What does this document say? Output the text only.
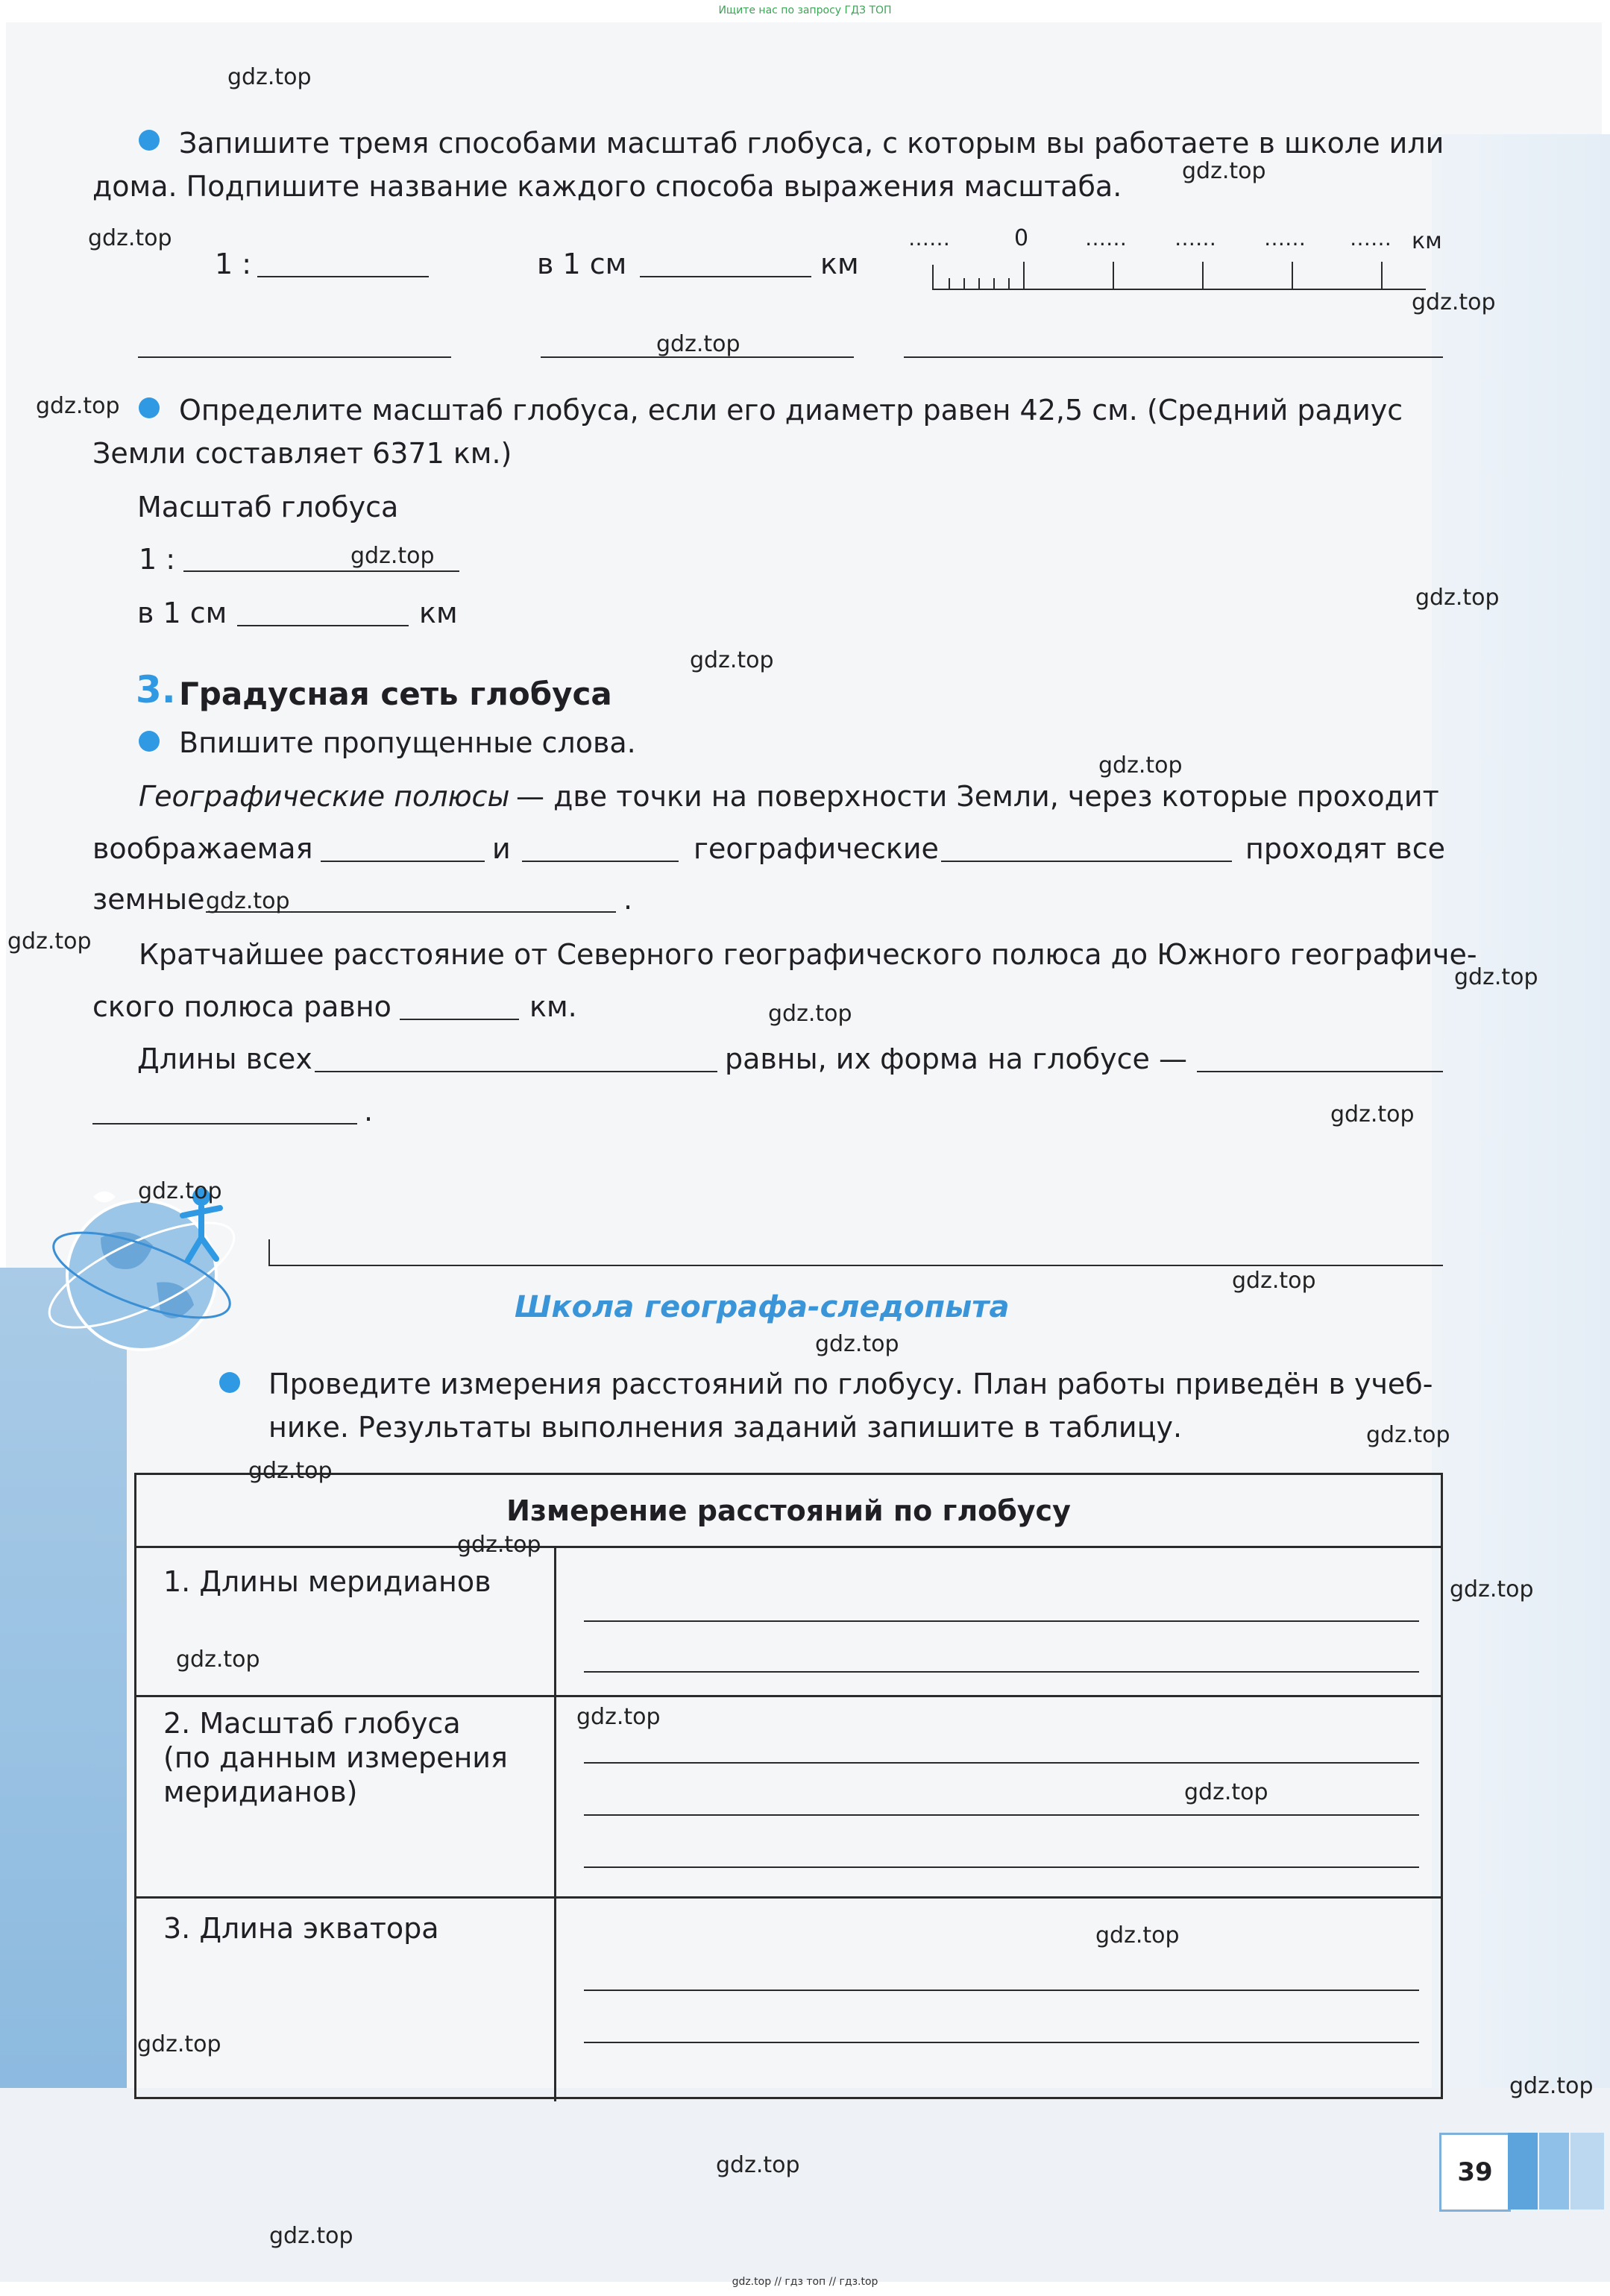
Ищите нас по запросу ГДЗ ТОП
Запишите тремя способами масштаб глобуса, с которым вы работаете в школе или
дома. Подпишите название каждого способа выражения масштаба.
1 :	в 1 см	км
……	0	…… …… …… …… км
Определите масштаб глобуса, если его диаметр равен 42,5 см. (Средний радиус
Земли составляет 6371 км.)
Масштаб глобуса
1 :
в 1 см	км
3. Градусная сеть глобуса
Впишите пропущенные слова.
Географические полюсы — две точки на поверхности Земли, через которые проходит
воображаемая	и	географические	проходят все
земные	.
Кратчайшее расстояние от Северного географического полюса до Южного географиче-
ского полюса равно	км.
Длины всех	равны, их форма на глобусе —
.
Школа географа-следопыта
Проведите измерения расстояний по глобусу. План работы приведён в учеб-
нике. Результаты выполнения заданий запишите в таблицу.
Измерение расстояний по глобусу
1. Длины меридианов
2. Масштаб глобуса
(по данным измерения
меридианов)
3. Длина экватора
39
gdz.top
gdz.top
gdz.top
gdz.top
gdz.top
gdz.top
gdz.top
gdz.top
gdz.top
gdz.top
gdz.top
gdz.top
gdz.top
gdz.top
gdz.top
gdz.top
gdz.top
gdz.top
gdz.top
gdz.top
gdz.top
gdz.top
gdz.top
gdz.top
gdz.top
gdz.top
gdz.top
gdz.top
gdz.top
gdz.top
gdz.top // гдз топ // гдз.top
